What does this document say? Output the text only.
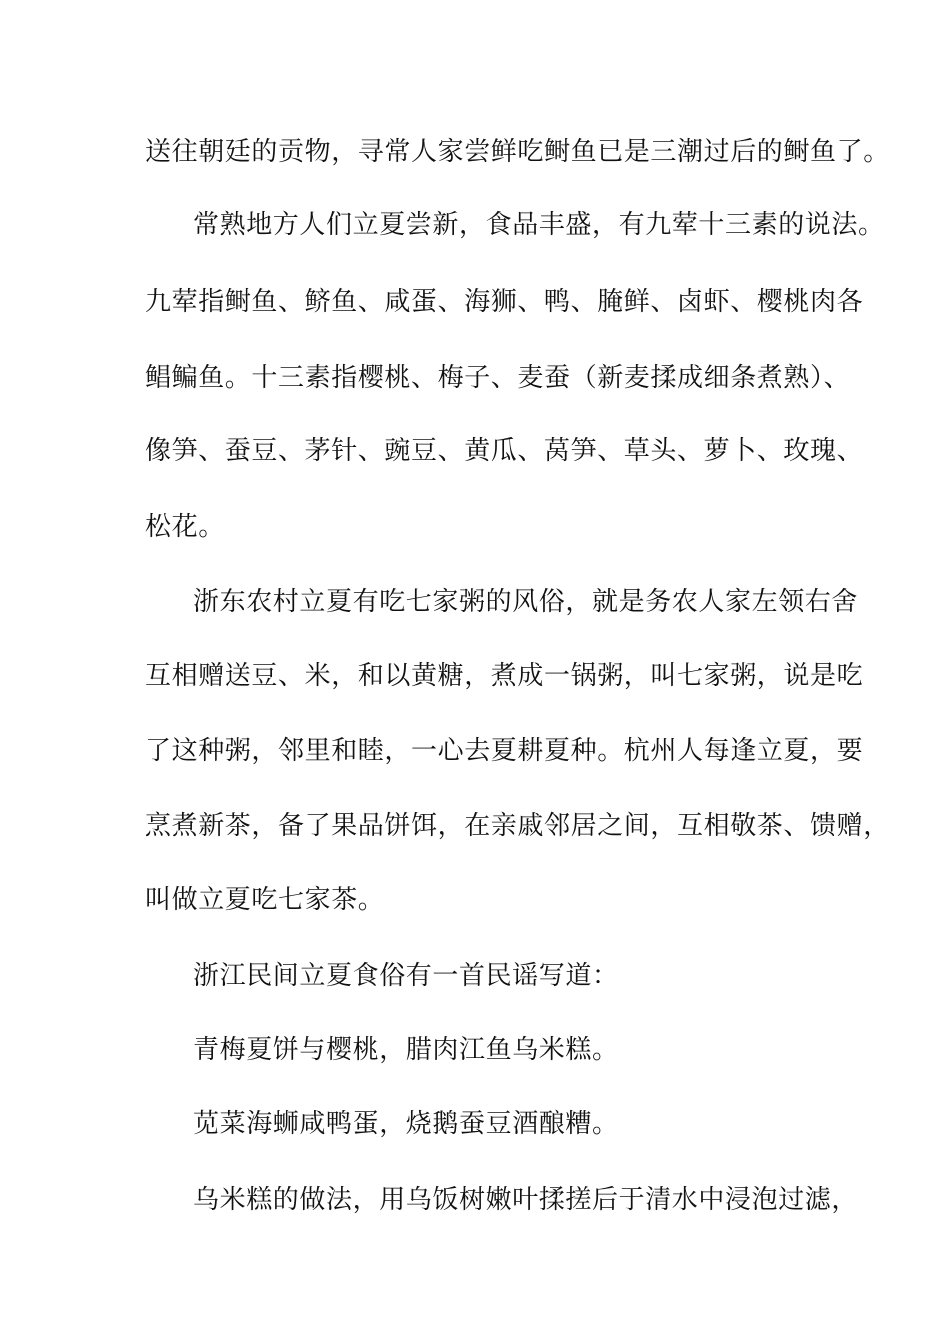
送往朝廷的贡物，寻常人家尝鲜吃鲥鱼已是三潮过后的鲥鱼了。

常熟地方人们立夏尝新，食品丰盛，有九荤十三素的说法。

九荤指鲥鱼、鲚鱼、咸蛋、海狮、鸭、腌鲜、卤虾、樱桃肉各

鲳鳊鱼。十三素指樱桃、梅子、麦蚕（新麦揉成细条煮熟）、

像笋、蚕豆、茅针、豌豆、黄瓜、莴笋、草头、萝卜、玫瑰、

松花。

浙东农村立夏有吃七家粥的风俗，就是务农人家左领右舍

互相赠送豆、米，和以黄糖，煮成一锅粥，叫七家粥，说是吃

了这种粥，邻里和睦，一心去夏耕夏种。杭州人每逢立夏，要

烹煮新茶，备了果品饼饵，在亲戚邻居之间，互相敬茶、馈赠，

叫做立夏吃七家茶。

浙江民间立夏食俗有一首民谣写道：

青梅夏饼与樱桃，腊肉江鱼乌米糕。

苋菜海蛳咸鸭蛋，烧鹅蚕豆酒酿糟。

乌米糕的做法，用乌饭树嫩叶揉搓后于清水中浸泡过滤，
